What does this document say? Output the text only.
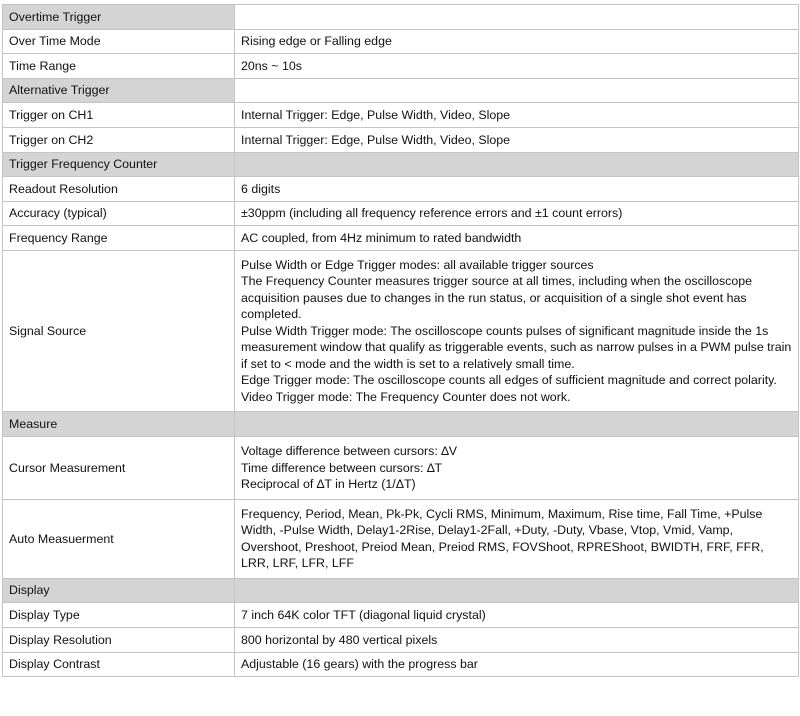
Overtime Trigger	
Over Time Mode	Rising edge or Falling edge
Time Range	20ns ~ 10s
Alternative Trigger	
Trigger on CH1	Internal Trigger: Edge, Pulse Width, Video, Slope
Trigger on CH2	Internal Trigger: Edge, Pulse Width, Video, Slope
Trigger Frequency Counter	
Readout Resolution	6 digits
Accuracy (typical)	±30ppm (including all frequency reference errors and ±1 count errors)
Frequency Range	AC coupled, from 4Hz minimum to rated bandwidth
Signal Source	Pulse Width or Edge Trigger modes: all available trigger sources
The Frequency Counter measures trigger source at all times, including when the oscilloscope acquisition pauses due to changes in the run status, or acquisition of a single shot event has completed.
Pulse Width Trigger mode: The oscilloscope counts pulses of significant magnitude inside the 1s measurement window that qualify as triggerable events, such as narrow pulses in a PWM pulse train if set to < mode and the width is set to a relatively small time.
Edge Trigger mode: The oscilloscope counts all edges of sufficient magnitude and correct polarity.
Video Trigger mode: The Frequency Counter does not work.

Measure	
Cursor Measurement	Voltage difference between cursors: ∆V
Time difference between cursors: ∆T
Reciprocal of ∆T in Hertz (1/ΔT)

Auto Measuerment	Frequency, Period, Mean, Pk-Pk, Cycli RMS, Minimum, Maximum, Rise time, Fall Time, +Pulse Width, -Pulse Width, Delay1-2Rise, Delay1-2Fall, +Duty, -Duty, Vbase, Vtop, Vmid, Vamp, Overshoot, Preshoot, Preiod Mean, Preiod RMS, FOVShoot, RPREShoot, BWIDTH, FRF, FFR, LRR, LRF, LFR, LFF

Display	
Display Type	7 inch 64K color TFT (diagonal liquid crystal)
Display Resolution	800 horizontal by 480 vertical pixels
Display Contrast	Adjustable (16 gears) with the progress bar
